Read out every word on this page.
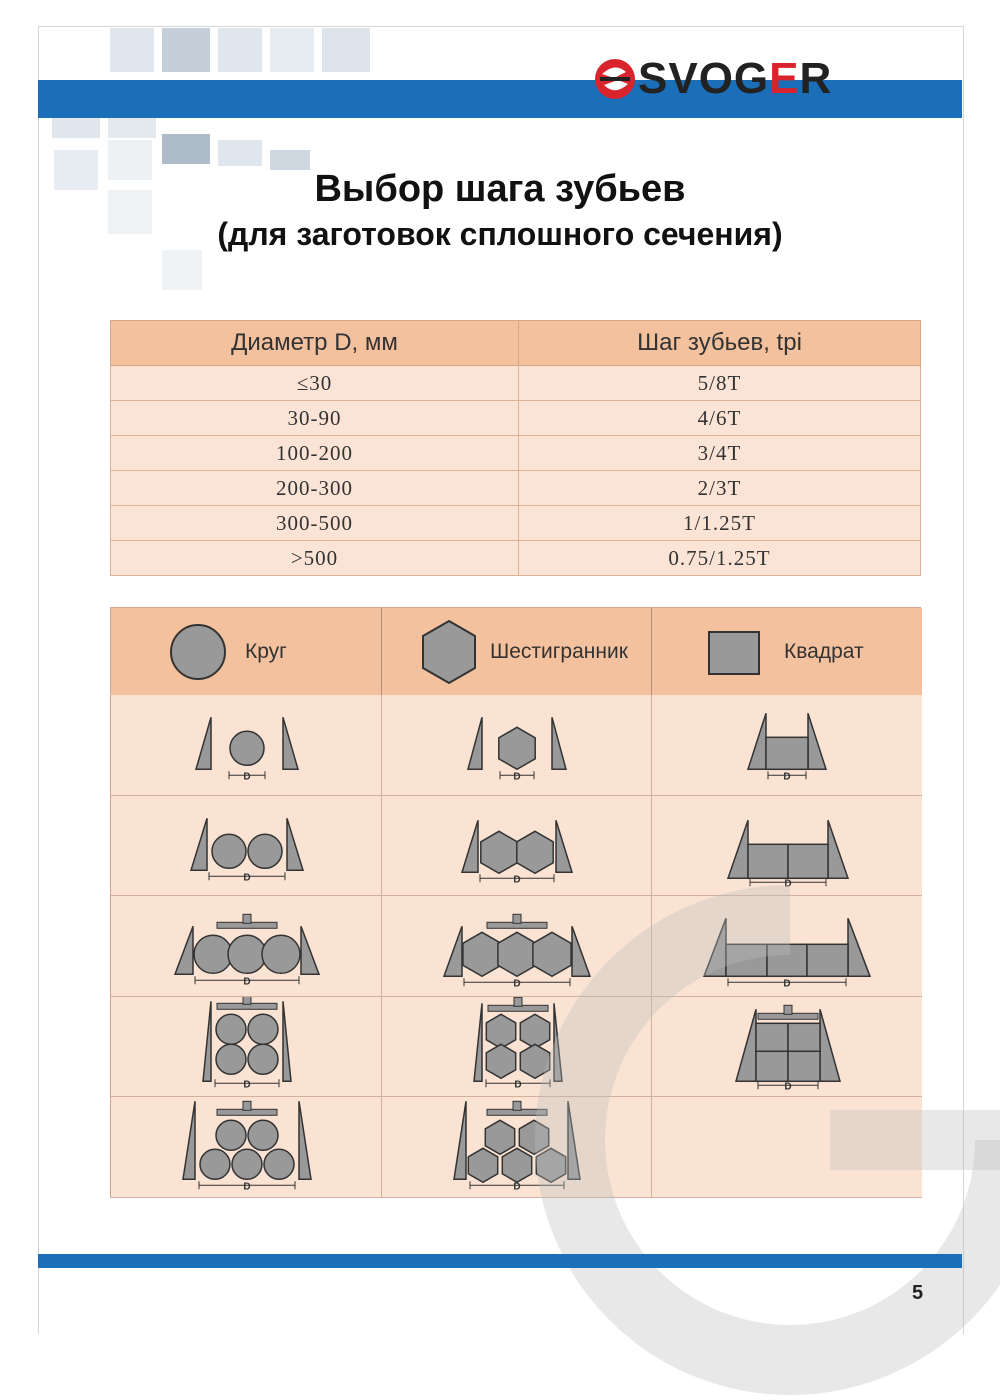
SVOGER
Выбор шага зубьев
(для заготовок сплошного сечения)
Диаметр D, мм	Шаг зубьев, tpi
≤30	5/8T
30-90	4/6T
100-200	3/4T
200-300	2/3T
300-500	1/1.25T
>500	0.75/1.25T
Круг	Шестигранник	Квадрат
D
D
D
D
D
D
D
D
D
D
D
D
D
D
5
